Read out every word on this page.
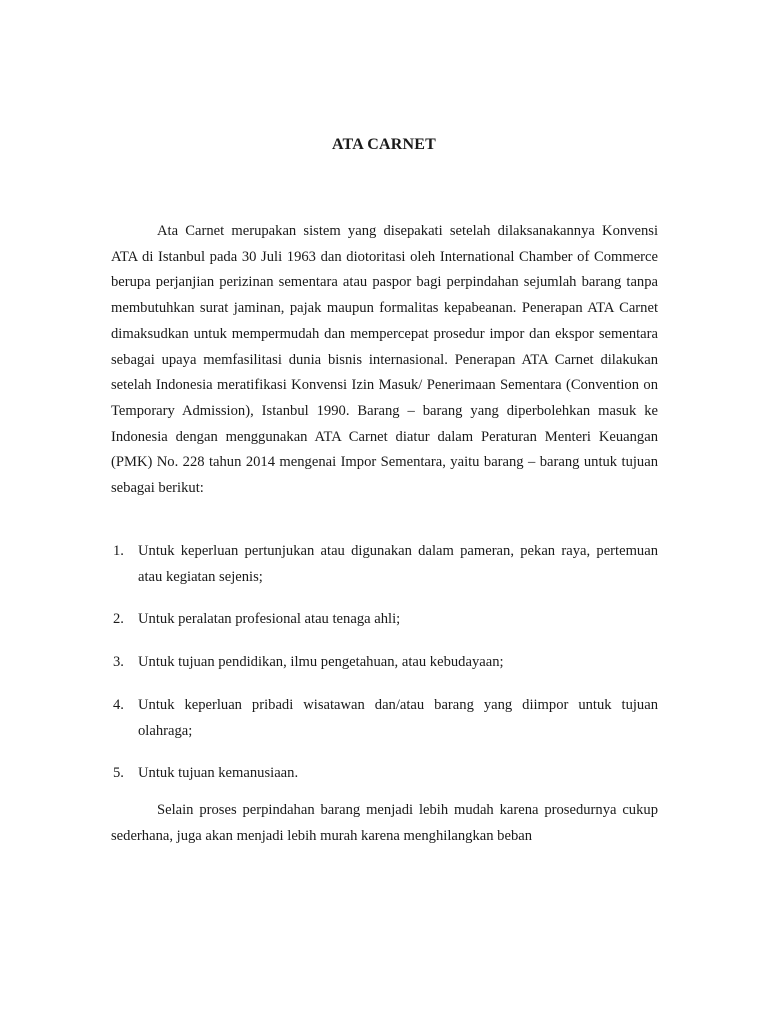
ATA CARNET

Ata Carnet merupakan sistem yang disepakati setelah dilaksanakannya Konvensi ATA di Istanbul pada 30 Juli 1963 dan diotoritasi oleh International Chamber of Commerce berupa perjanjian perizinan sementara atau paspor bagi perpindahan sejumlah barang tanpa membutuhkan surat jaminan, pajak maupun formalitas kepabeanan. Penerapan ATA Carnet dimaksudkan untuk mempermudah dan mempercepat prosedur impor dan ekspor sementara sebagai upaya memfasilitasi dunia bisnis internasional. Penerapan ATA Carnet dilakukan setelah Indonesia meratifikasi Konvensi Izin Masuk/ Penerimaan Sementara (Convention on Temporary Admission), Istanbul 1990. Barang – barang yang diperbolehkan masuk ke Indonesia dengan menggunakan ATA Carnet diatur dalam Peraturan Menteri Keuangan (PMK) No. 228 tahun 2014 mengenai Impor Sementara, yaitu barang – barang untuk tujuan sebagai berikut:

1. Untuk keperluan pertunjukan atau digunakan dalam pameran, pekan raya, pertemuan atau kegiatan sejenis;
2. Untuk peralatan profesional atau tenaga ahli;
3. Untuk tujuan pendidikan, ilmu pengetahuan, atau kebudayaan;
4. Untuk keperluan pribadi wisatawan dan/atau barang yang diimpor untuk tujuan olahraga;
5. Untuk tujuan kemanusiaan.

Selain proses perpindahan barang menjadi lebih mudah karena prosedurnya cukup sederhana, juga akan menjadi lebih murah karena menghilangkan beban
